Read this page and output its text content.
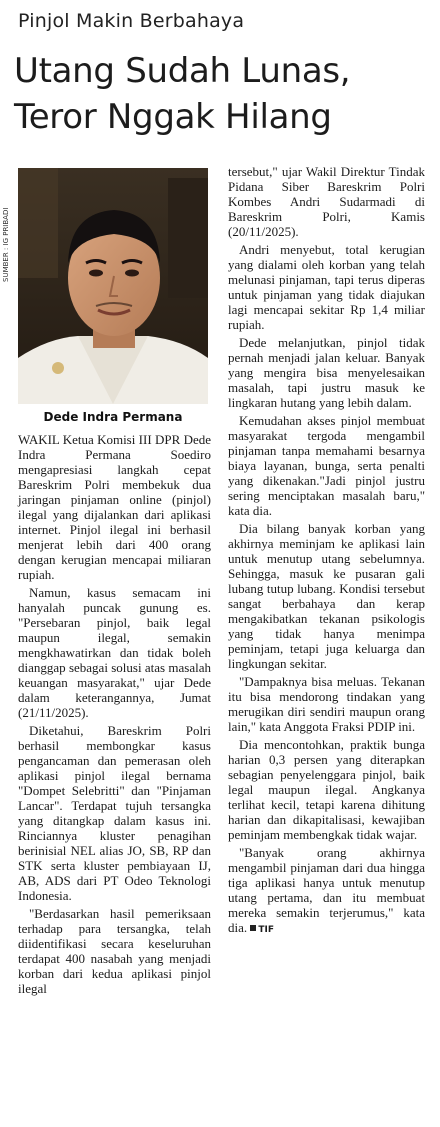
Pinjol Makin Berbahaya
Utang Sudah Lunas, Teror Nggak Hilang
SUMBER : IG PRIBADI
Dede Indra Permana

WAKIL Ketua Komisi III DPR Dede Indra Permana Soediro mengapresiasi langkah cepat Bareskrim Polri membekuk dua jaringan pinjaman online (pinjol) ilegal yang dijalankan dari aplikasi internet. Pinjol ilegal ini berhasil menjerat lebih dari 400 orang dengan kerugian mencapai miliaran rupiah.

Namun, kasus semacam ini hanyalah puncak gunung es. "Persebaran pinjol, baik legal maupun ilegal, semakin mengkhawatirkan dan tidak boleh dianggap sebagai solusi atas masalah keuangan masyarakat," ujar Dede dalam keterangannya, Jumat (21/11/2025).

Diketahui, Bareskrim Polri berhasil membongkar kasus pengancaman dan pemerasan oleh aplikasi pinjol ilegal bernama "Dompet Selebritti" dan "Pinjaman Lancar". Terdapat tujuh tersangka yang ditangkap dalam kasus ini. Rinciannya kluster penagihan berinisial NEL alias JO, SB, RP dan STK serta kluster pembiayaan IJ, AB, ADS dari PT Odeo Teknologi Indonesia.

"Berdasarkan hasil pemeriksaan terhadap para tersangka, telah diidentifikasi secara keseluruhan terdapat 400 nasabah yang menjadi korban dari kedua aplikasi pinjol ilegal

tersebut," ujar Wakil Direktur Tindak Pidana Siber Bareskrim Polri Kombes Andri Sudarmadi di Bareskrim Polri, Kamis (20/11/2025).

Andri menyebut, total kerugian yang dialami oleh korban yang telah melunasi pinjaman, tapi terus diperas untuk pinjaman yang tidak diajukan lagi mencapai sekitar Rp 1,4 miliar rupiah.

Dede melanjutkan, pinjol tidak pernah menjadi jalan keluar. Banyak yang mengira bisa menyelesaikan masalah, tapi justru masuk ke lingkaran hutang yang lebih dalam.

Kemudahan akses pinjol membuat masyarakat tergoda mengambil pinjaman tanpa memahami besarnya biaya layanan, bunga, serta penalti yang dikenakan."Jadi pinjol justru sering menciptakan masalah baru," kata dia.

Dia bilang banyak korban yang akhirnya meminjam ke aplikasi lain untuk menutup utang sebelumnya. Sehingga, masuk ke pusaran gali lubang tutup lubang. Kondisi tersebut sangat berbahaya dan kerap mengakibatkan tekanan psikologis yang tidak hanya menimpa peminjam, tetapi juga keluarga dan lingkungan sekitar.

"Dampaknya bisa meluas. Tekanan itu bisa mendorong tindakan yang merugikan diri sendiri maupun orang lain," kata Anggota Fraksi PDIP ini.

Dia mencontohkan, praktik bunga harian 0,3 persen yang diterapkan sebagian penyelenggara pinjol, baik legal maupun ilegal. Angkanya terlihat kecil, tetapi karena dihitung harian dan dikapitalisasi, kewajiban peminjam membengkak tidak wajar.

"Banyak orang akhirnya mengambil pinjaman dari dua hingga tiga aplikasi hanya untuk menutup utang pertama, dan itu membuat mereka semakin terjerumus," kata dia. TIF
